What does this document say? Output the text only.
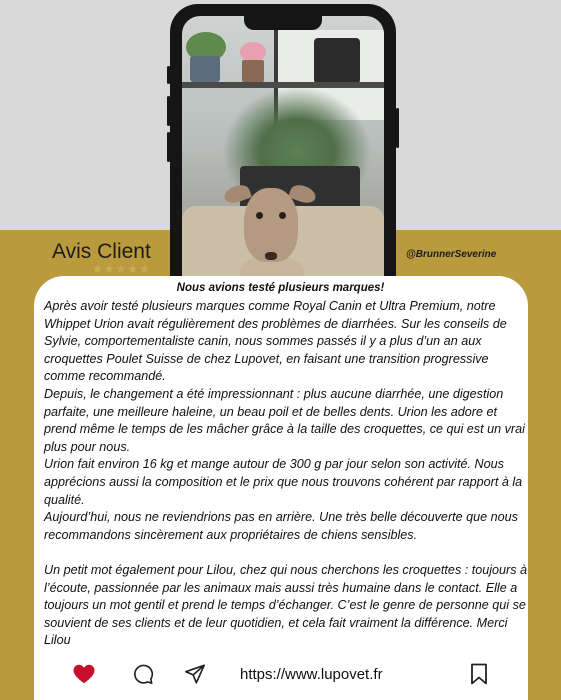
Avis Client
★★★★★
@BrunnerSeverine
Nous avions testé plusieurs marques!

Après avoir testé plusieurs marques comme Royal Canin et Ultra Premium, notre Whippet Urion avait régulièrement des problèmes de diarrhées. Sur les conseils de Sylvie, comportementaliste canin, nous sommes passés il y a plus d’un an aux croquettes Poulet Suisse de chez Lupovet, en faisant une transition progressive comme recommandé.

Depuis, le changement a été impressionnant : plus aucune diarrhée, une digestion parfaite, une meilleure haleine, un beau poil et de belles dents. Urion les adore et prend même le temps de les mâcher grâce à la taille des croquettes, ce qui est un vrai plus pour nous.

Urion fait environ 16 kg et mange autour de 300 g par jour selon son activité. Nous apprécions aussi la composition et le prix que nous trouvons cohérent par rapport à la qualité.

Aujourd’hui, nous ne reviendrions pas en arrière. Une très belle découverte que nous recommandons sincèrement aux propriétaires de chiens sensibles.

Un petit mot également pour Lilou, chez qui nous cherchons les croquettes : toujours à l’écoute, passionnée par les animaux mais aussi très humaine dans le contact. Elle a toujours un mot gentil et prend le temps d’échanger. C’est le genre de personne qui se souvient de ses clients et de leur quotidien, et cela fait vraiment la différence. Merci Lilou

https://www.lupovet.fr
